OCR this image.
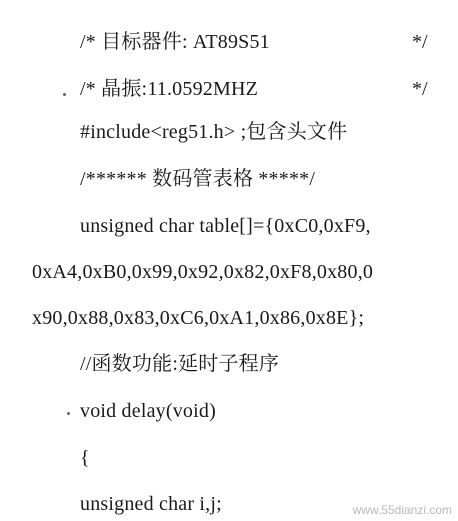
/* 目标器件: AT89S51	*/
/* 晶振:11.0592MHZ	*/
#include<reg51.h> ;包含头文件
/****** 数码管表格 *****/
unsigned char table[]={0xC0,0xF9,
0xA4,0xB0,0x99,0x92,0x82,0xF8,0x80,0
x90,0x88,0x83,0xC6,0xA1,0x86,0x8E};
//函数功能:延时子程序
void delay(void)
{
unsigned char i,j;	www.55dianzi.com
